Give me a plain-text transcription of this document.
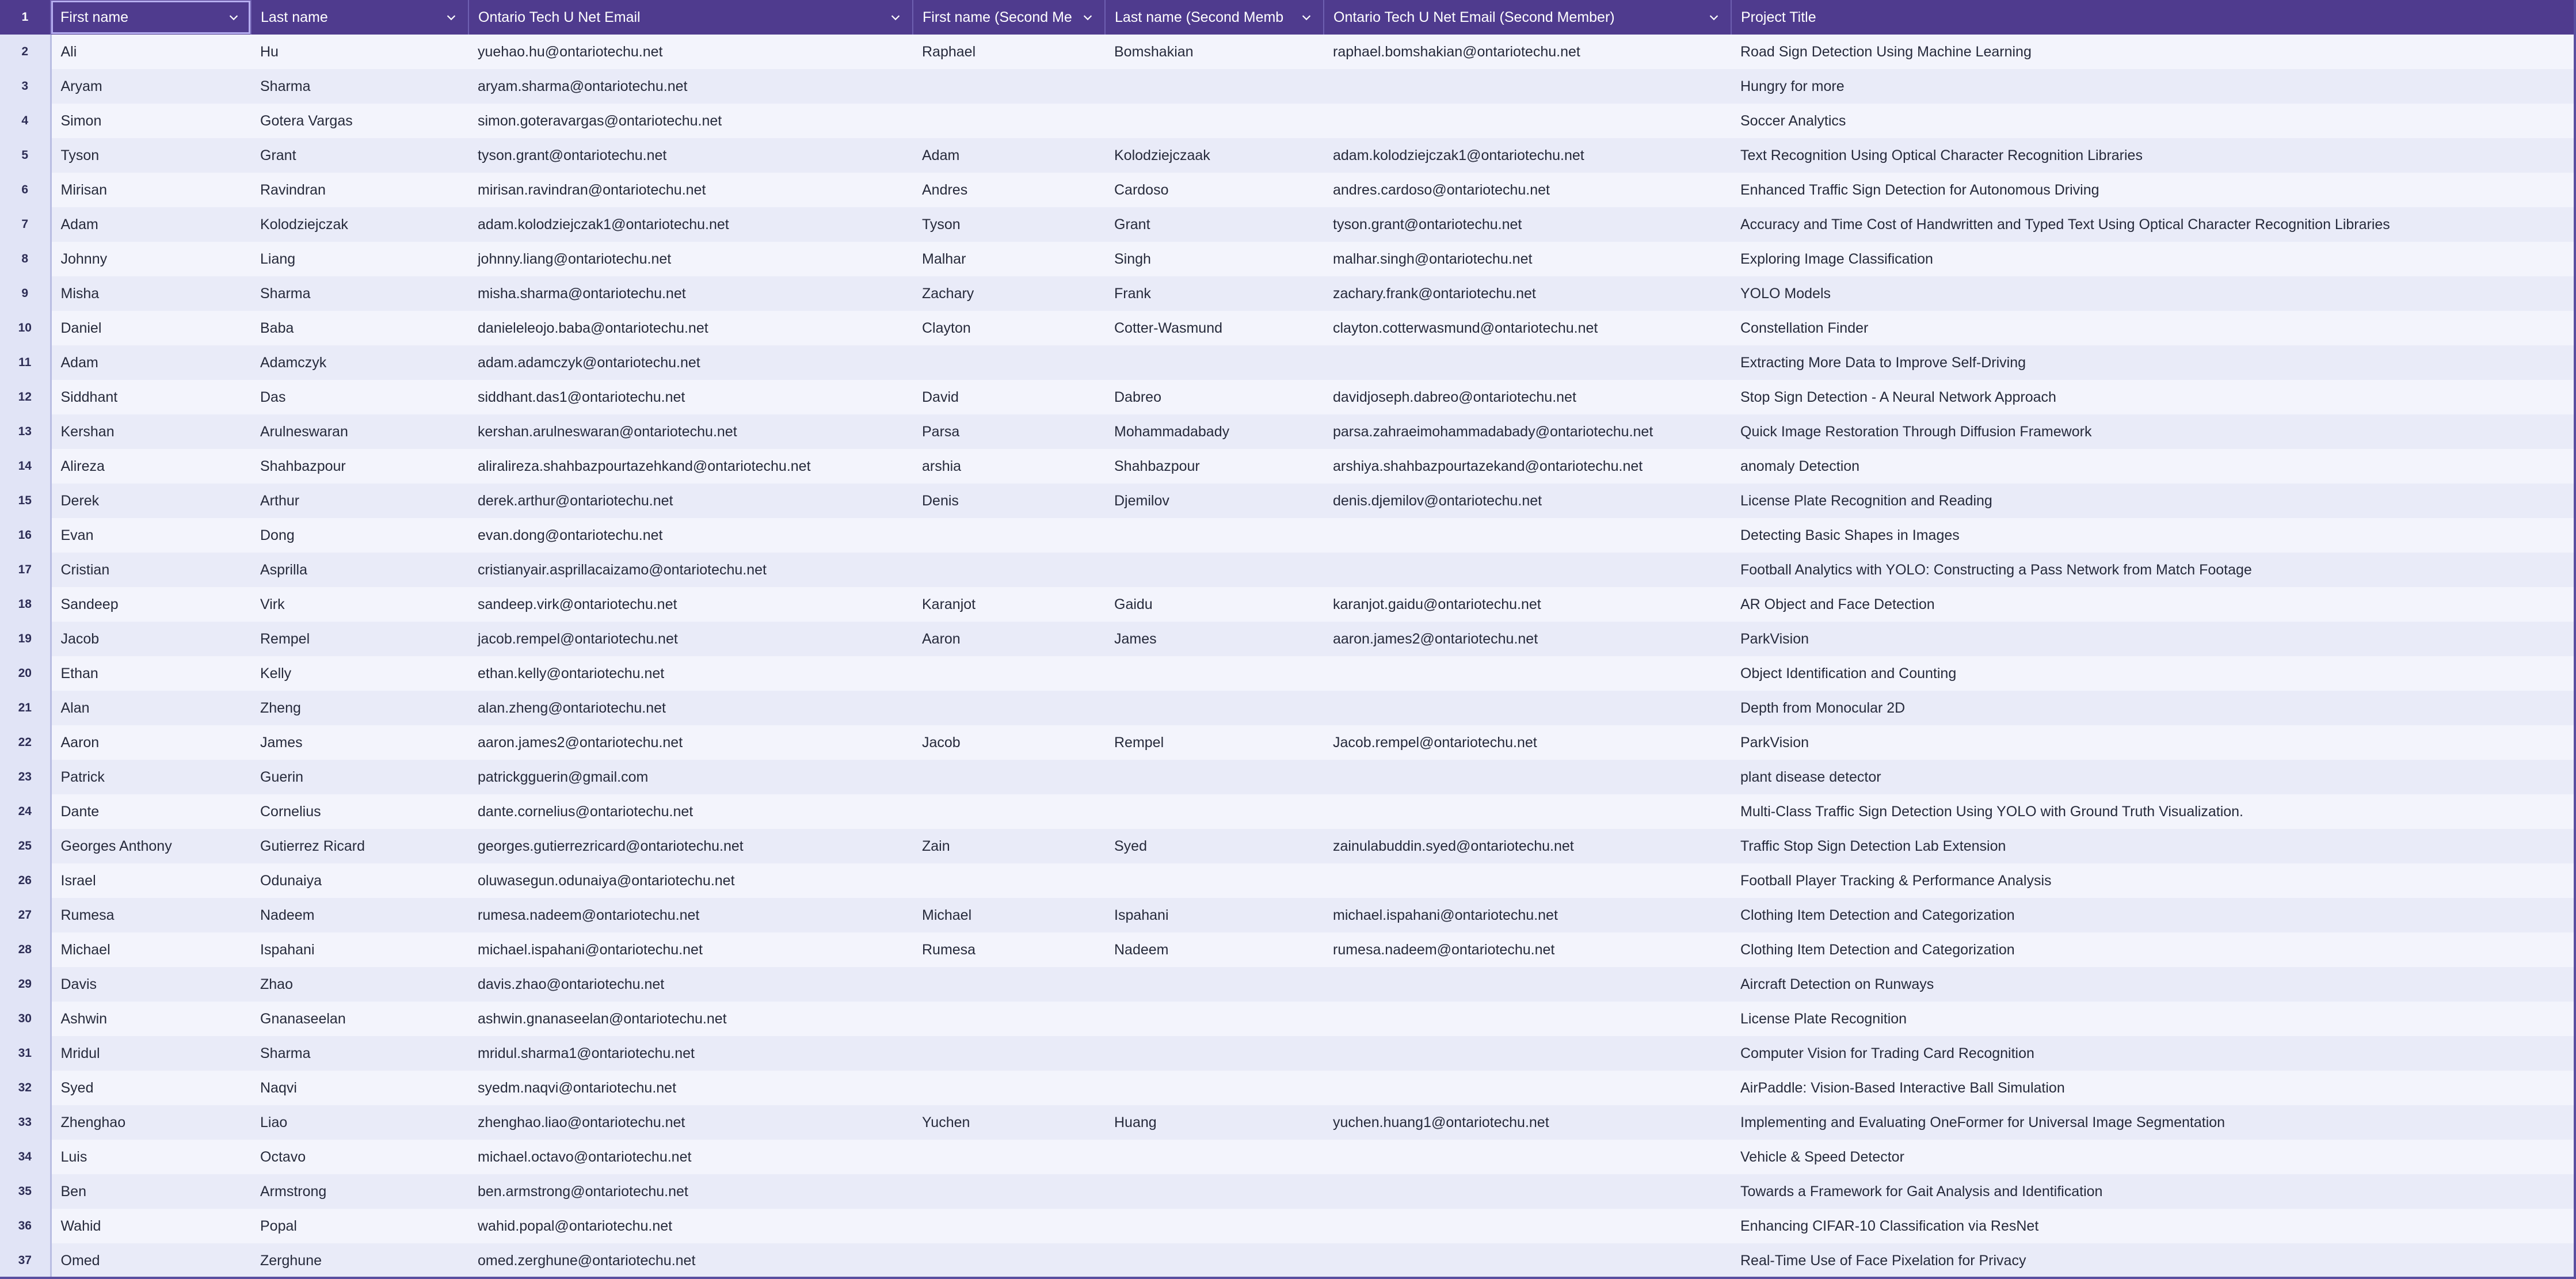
1	First name	Last name	Ontario Tech U Net Email	First name (Second Me	Last name (Second Memb	Ontario Tech U Net Email (Second Member)	Project Title

2	Ali	Hu	yuehao.hu@ontariotechu.net	Raphael	Bomshakian	raphael.bomshakian@ontariotechu.net	Road Sign Detection Using Machine Learning
3	Aryam	Sharma	aryam.sharma@ontariotechu.net				Hungry for more
4	Simon	Gotera Vargas	simon.goteravargas@ontariotechu.net				Soccer Analytics
5	Tyson	Grant	tyson.grant@ontariotechu.net	Adam	Kolodziejczaak	adam.kolodziejczak1@ontariotechu.net	Text Recognition Using Optical Character Recognition Libraries
6	Mirisan	Ravindran	mirisan.ravindran@ontariotechu.net	Andres	Cardoso	andres.cardoso@ontariotechu.net	Enhanced Traffic Sign Detection for Autonomous Driving
7	Adam	Kolodziejczak	adam.kolodziejczak1@ontariotechu.net	Tyson	Grant	tyson.grant@ontariotechu.net	Accuracy and Time Cost of Handwritten and Typed Text Using Optical Character Recognition Libraries
8	Johnny	Liang	johnny.liang@ontariotechu.net	Malhar	Singh	malhar.singh@ontariotechu.net	Exploring Image Classification
9	Misha	Sharma	misha.sharma@ontariotechu.net	Zachary	Frank	zachary.frank@ontariotechu.net	YOLO Models
10	Daniel	Baba	danieleleojo.baba@ontariotechu.net	Clayton	Cotter-Wasmund	clayton.cotterwasmund@ontariotechu.net	Constellation Finder
11	Adam	Adamczyk	adam.adamczyk@ontariotechu.net				Extracting More Data to Improve Self-Driving
12	Siddhant	Das	siddhant.das1@ontariotechu.net	David	Dabreo	davidjoseph.dabreo@ontariotechu.net	Stop Sign Detection - A Neural Network Approach
13	Kershan	Arulneswaran	kershan.arulneswaran@ontariotechu.net	Parsa	Mohammadabady	parsa.zahraeimohammadabady@ontariotechu.net	Quick Image Restoration Through Diffusion Framework
14	Alireza	Shahbazpour	aliralireza.shahbazpourtazehkand@ontariotechu.net	arshia	Shahbazpour	arshiya.shahbazpourtazekand@ontariotechu.net	anomaly Detection
15	Derek	Arthur	derek.arthur@ontariotechu.net	Denis	Djemilov	denis.djemilov@ontariotechu.net	License Plate Recognition and Reading
16	Evan	Dong	evan.dong@ontariotechu.net				Detecting Basic Shapes in Images
17	Cristian	Asprilla	cristianyair.asprillacaizamo@ontariotechu.net				Football Analytics with YOLO: Constructing a Pass Network from Match Footage
18	Sandeep	Virk	sandeep.virk@ontariotechu.net	Karanjot	Gaidu	karanjot.gaidu@ontariotechu.net	AR Object and Face Detection
19	Jacob	Rempel	jacob.rempel@ontariotechu.net	Aaron	James	aaron.james2@ontariotechu.net	ParkVision
20	Ethan	Kelly	ethan.kelly@ontariotechu.net				Object Identification and Counting
21	Alan	Zheng	alan.zheng@ontariotechu.net				Depth from Monocular 2D
22	Aaron	James	aaron.james2@ontariotechu.net	Jacob	Rempel	Jacob.rempel@ontariotechu.net	ParkVision
23	Patrick	Guerin	patrickgguerin@gmail.com				plant disease detector
24	Dante	Cornelius	dante.cornelius@ontariotechu.net				Multi-Class Traffic Sign Detection Using YOLO with Ground Truth Visualization.
25	Georges Anthony	Gutierrez Ricard	georges.gutierrezricard@ontariotechu.net	Zain	Syed	zainulabuddin.syed@ontariotechu.net	Traffic Stop Sign Detection Lab Extension
26	Israel	Odunaiya	oluwasegun.odunaiya@ontariotechu.net				Football Player Tracking & Performance Analysis
27	Rumesa	Nadeem	rumesa.nadeem@ontariotechu.net	Michael	Ispahani	michael.ispahani@ontariotechu.net	Clothing Item Detection and Categorization
28	Michael	Ispahani	michael.ispahani@ontariotechu.net	Rumesa	Nadeem	rumesa.nadeem@ontariotechu.net	Clothing Item Detection and Categorization
29	Davis	Zhao	davis.zhao@ontariotechu.net				Aircraft Detection on Runways
30	Ashwin	Gnanaseelan	ashwin.gnanaseelan@ontariotechu.net				License Plate Recognition
31	Mridul	Sharma	mridul.sharma1@ontariotechu.net				Computer Vision for Trading Card Recognition
32	Syed	Naqvi	syedm.naqvi@ontariotechu.net				AirPaddle: Vision-Based Interactive Ball Simulation
33	Zhenghao	Liao	zhenghao.liao@ontariotechu.net	Yuchen	Huang	yuchen.huang1@ontariotechu.net	Implementing and Evaluating OneFormer for Universal Image Segmentation
34	Luis	Octavo	michael.octavo@ontariotechu.net				Vehicle & Speed Detector
35	Ben	Armstrong	ben.armstrong@ontariotechu.net				Towards a Framework for Gait Analysis and Identification
36	Wahid	Popal	wahid.popal@ontariotechu.net				Enhancing CIFAR-10 Classification via ResNet
37	Omed	Zerghune	omed.zerghune@ontariotechu.net				Real-Time Use of Face Pixelation for Privacy
